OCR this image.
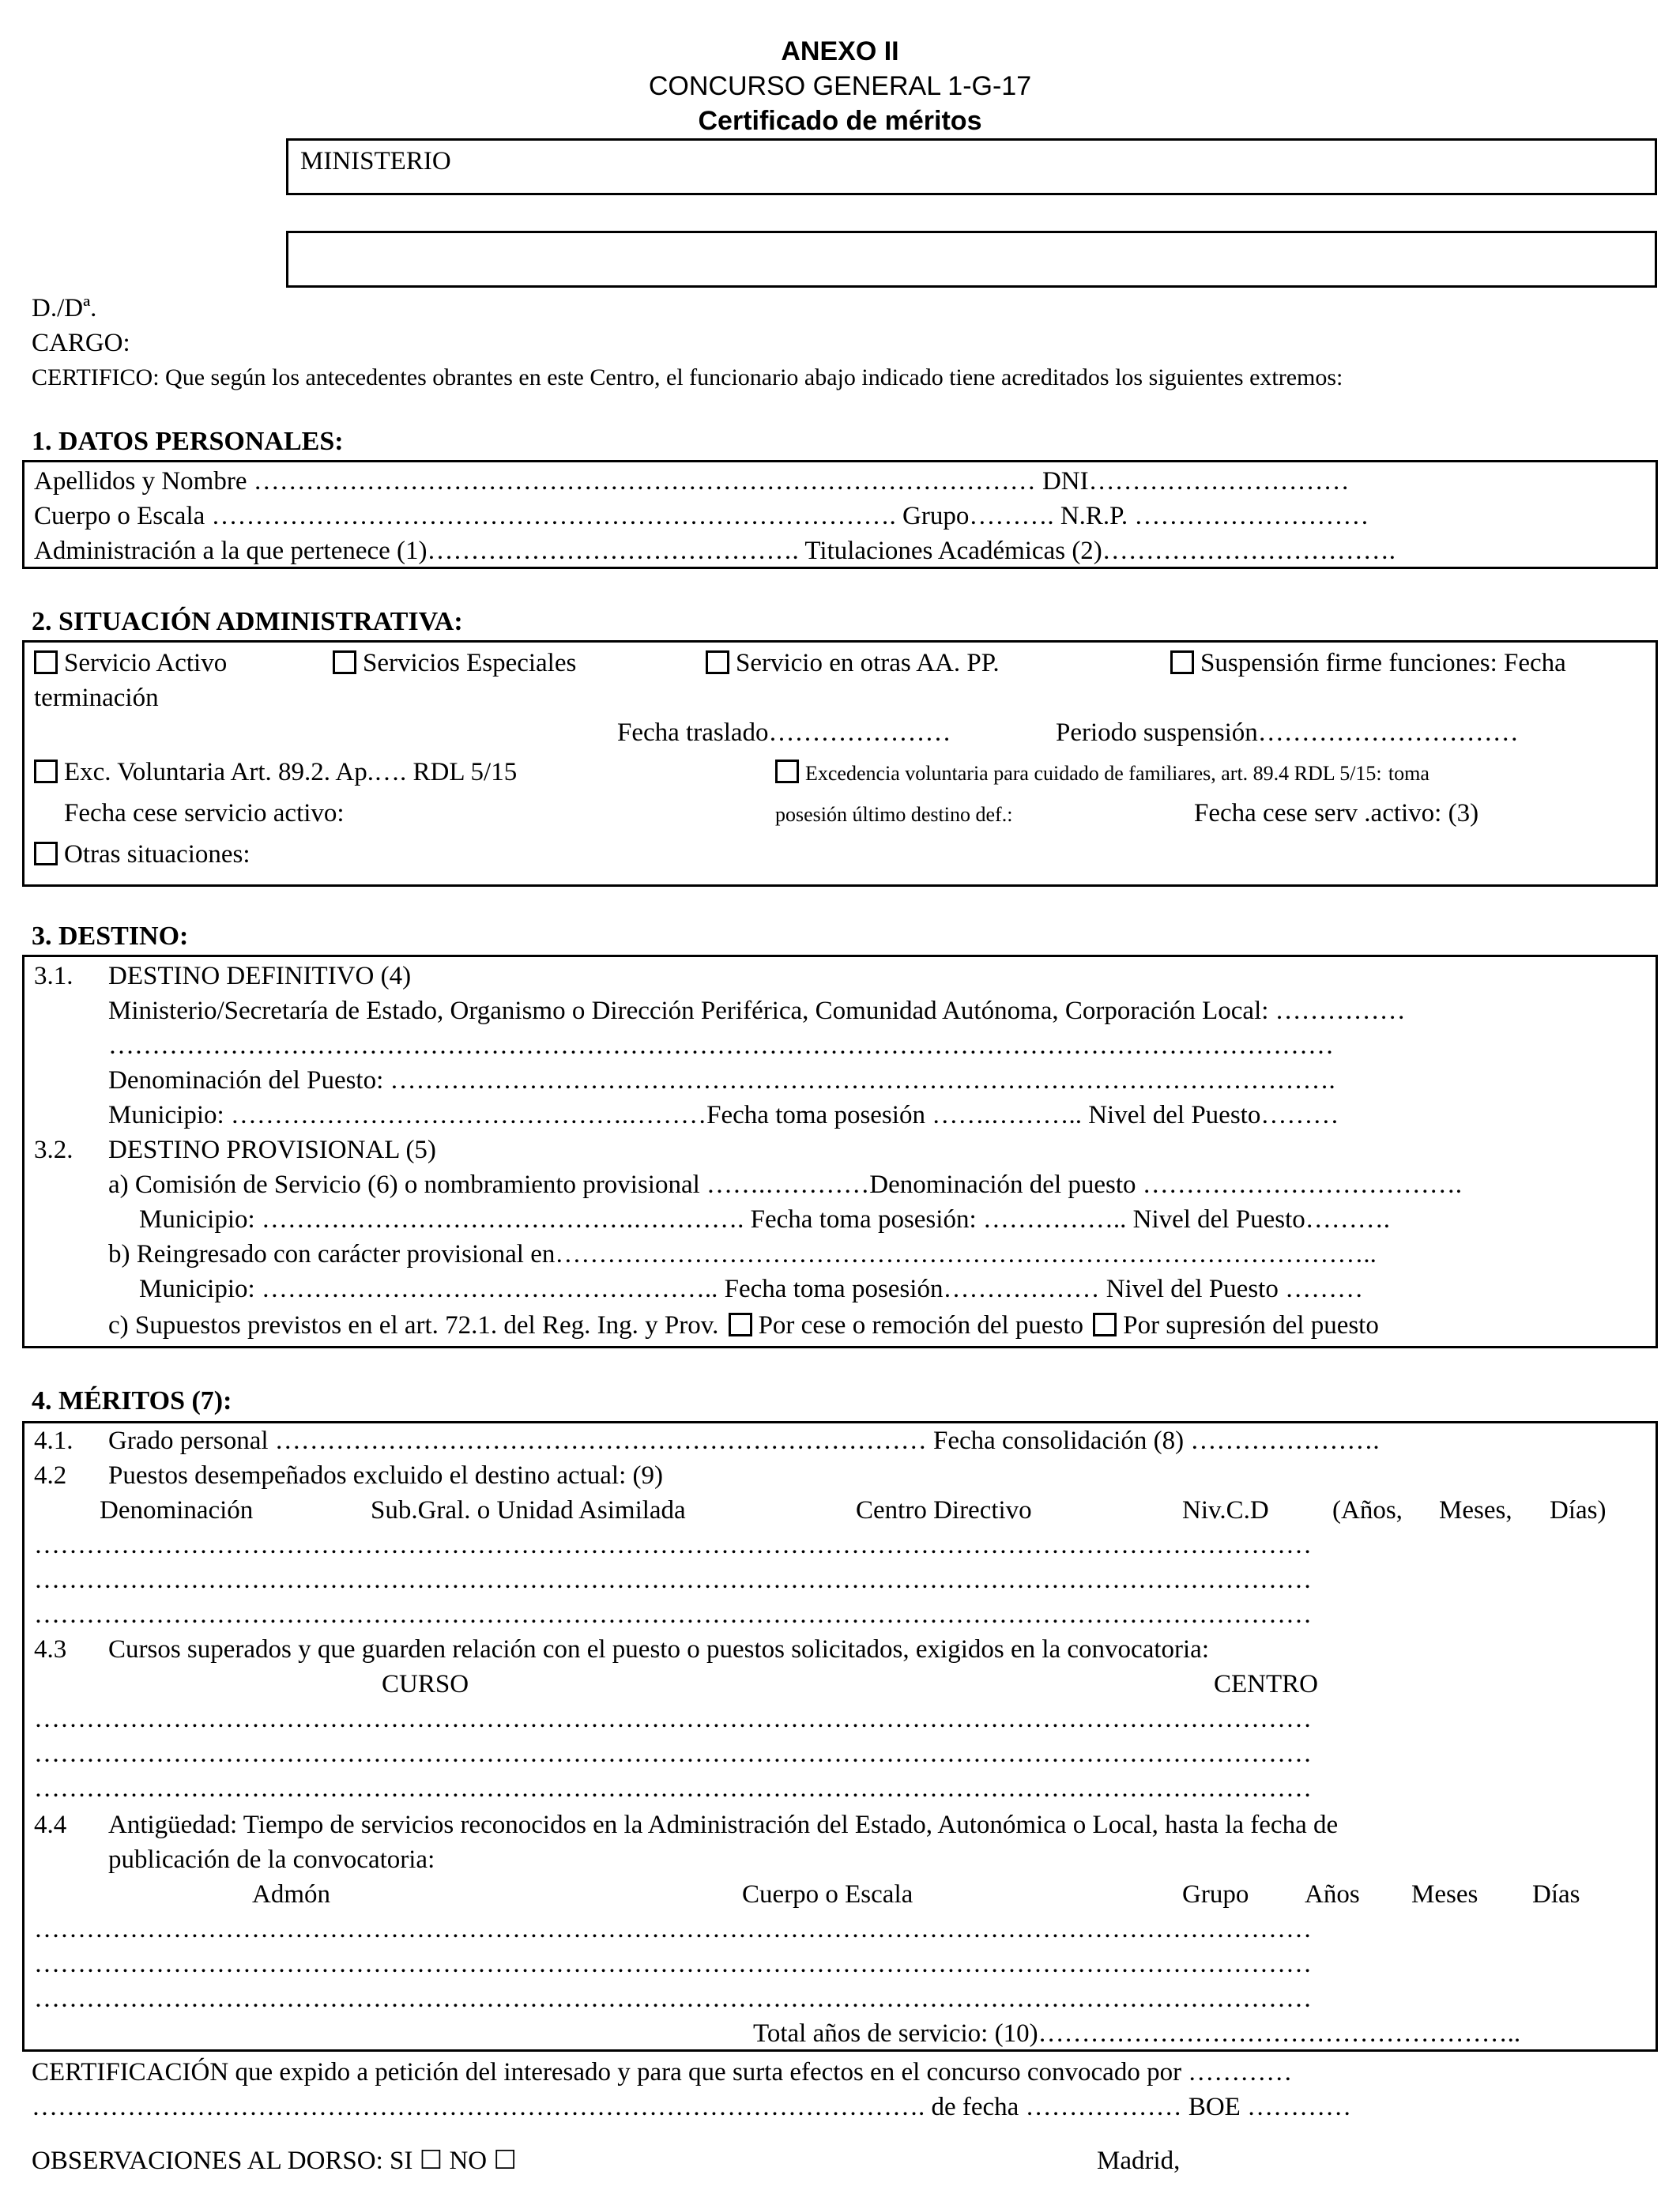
ANEXO II
CONCURSO GENERAL 1-G-17
Certificado de méritos
MINISTERIO
D./Dª.
CARGO:
CERTIFICO: Que según los antecedentes obrantes en este Centro, el funcionario abajo indicado tiene acreditados los siguientes extremos:
1. DATOS PERSONALES:
Apellidos y Nombre ……………………………………………………………………………… DNI…………………………
Cuerpo o Escala ……………………………………………………………………. Grupo………. N.R.P. ………………………
Administración a la que pertenece (1)……………………………………. Titulaciones Académicas (2)…………………………….
2. SITUACIÓN ADMINISTRATIVA:
Servicio Activo	Servicios Especiales	Servicio en otras AA. PP.	Suspensión firme funciones: Fecha
terminación
Fecha traslado…………………	Periodo suspensión…………………………
Exc. Voluntaria Art. 89.2. Ap.…. RDL 5/15	Excedencia voluntaria para cuidado de familiares, art. 89.4 RDL 5/15: toma
Fecha cese servicio activo:	posesión último destino def.:	Fecha cese serv .activo: (3)
Otras situaciones:
3. DESTINO:
3.1. DESTINO DEFINITIVO (4)
Ministerio/Secretaría de Estado, Organismo o Dirección Periférica, Comunidad Autónoma, Corporación Local: ……………
……………………………………………………………………………………………………………………………
Denominación del Puesto: ……………………………………………………………………………………………….
Municipio: ……………………………………….………Fecha toma posesión …….……….. Nivel del Puesto………
3.2. DESTINO PROVISIONAL (5)
a) Comisión de Servicio (6) o nombramiento provisional …….…………Denominación del puesto ……………………………….
Municipio: …………………………………….…………. Fecha toma posesión: …………….. Nivel del Puesto……….
b) Reingresado con carácter provisional en…………………………………………………………………………………..
Municipio: …………………………………………….. Fecha toma posesión……………… Nivel del Puesto ………
c) Supuestos previstos en el art. 72.1. del Reg. Ing. y Prov. Por cese o remoción del puesto Por supresión del puesto
4. MÉRITOS (7):
4.1. Grado personal ………………………………………………………………… Fecha consolidación (8) ………………….
4.2 Puestos desempeñados excluido el destino actual: (9)
Denominación	Sub.Gral. o Unidad Asimilada	Centro Directivo	Niv.C.D (Años, Meses, Días)
…………………………………………………………………………………………………………………………………
…………………………………………………………………………………………………………………………………
…………………………………………………………………………………………………………………………………
4.3 Cursos superados y que guarden relación con el puesto o puestos solicitados, exigidos en la convocatoria:
CURSO	CENTRO
…………………………………………………………………………………………………………………………………
…………………………………………………………………………………………………………………………………
…………………………………………………………………………………………………………………………………
4.4 Antigüedad: Tiempo de servicios reconocidos en la Administración del Estado, Autonómica o Local, hasta la fecha de
publicación de la convocatoria:
Admón	Cuerpo o Escala	Grupo Años Meses Días
…………………………………………………………………………………………………………………………………
…………………………………………………………………………………………………………………………………
…………………………………………………………………………………………………………………………………
Total años de servicio: (10)………………………………………………..
CERTIFICACIÓN que expido a petición del interesado y para que surta efectos en el concurso convocado por …………
…………………………………………………………………………………………. de fecha ……………… BOE …………
OBSERVACIONES AL DORSO: SI ☐ NO ☐	Madrid,
